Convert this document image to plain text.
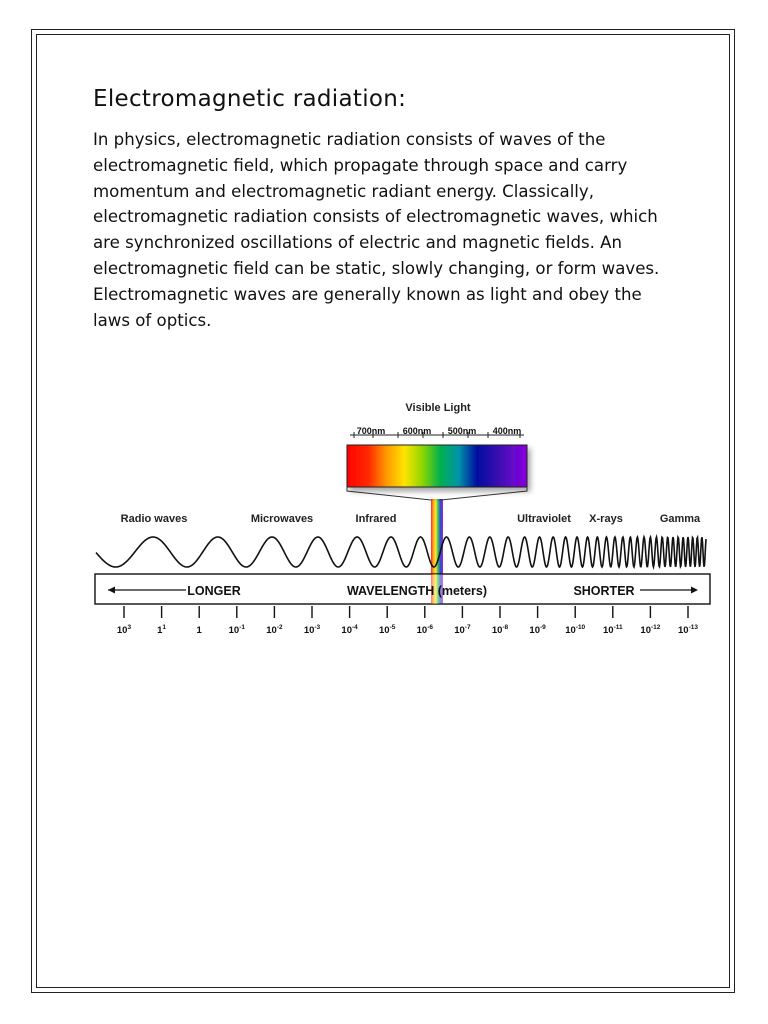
Electromagnetic radiation:
In physics, electromagnetic radiation consists of waves of the electromagnetic field, which propagate through space and carry momentum and electromagnetic radiant energy. Classically, electromagnetic radiation consists of electromagnetic waves, which are synchronized oscillations of electric and magnetic fields. An electromagnetic field can be static, slowly changing, or form waves. Electromagnetic waves are generally known as light and obey the laws of optics.
Visible Light
700nm 600nm 500nm 400nm
Radio waves	Microwaves	Infrared	Ultraviolet X-rays	Gamma
LONGER	WAVELENGTH (meters)	SHORTER
$10^3$	$1^1$	1	$10^{-1}$ $10^{-2}$ $10^{-3}$ $10^{-4}$ $10^{-5}$ $10^{-6}$ $10^{-7}$ $10^{-8}$ $10^{-9}$ $10^{-10}$ $10^{-11}$ $10^{-12}$ $10^{-13}$
